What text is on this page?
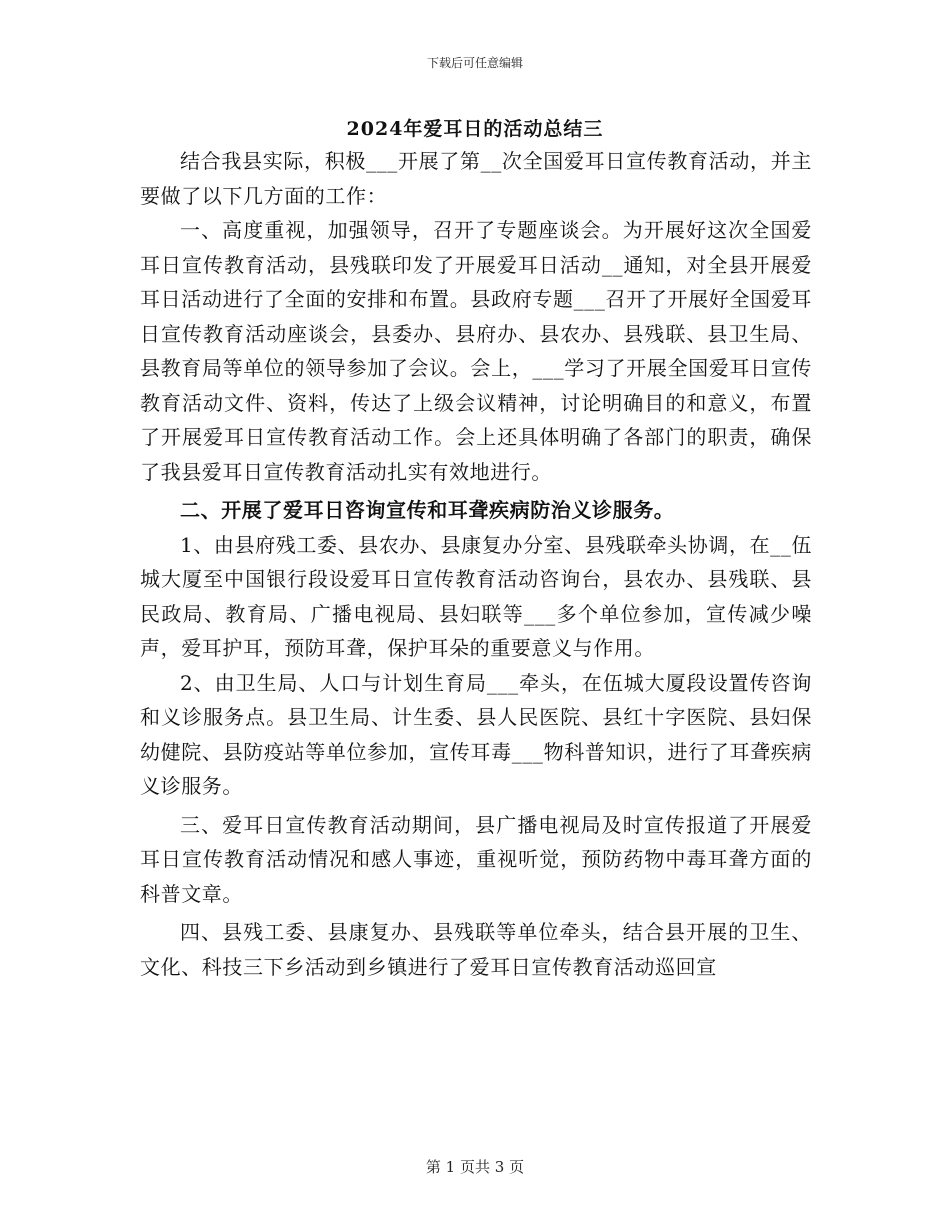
下载后可任意编辑
2024年爱耳日的活动总结三

结合我县实际，积极___开展了第__次全国爱耳日宣传教育活动，并主要做了以下几方面的工作：

一、高度重视，加强领导，召开了专题座谈会。为开展好这次全国爱耳日宣传教育活动，县残联印发了开展爱耳日活动__通知，对全县开展爱耳日活动进行了全面的安排和布置。县政府专题___召开了开展好全国爱耳日宣传教育活动座谈会，县委办、县府办、县农办、县残联、县卫生局、县教育局等单位的领导参加了会议。会上，___学习了开展全国爱耳日宣传教育活动文件、资料，传达了上级会议精神，讨论明确目的和意义，布置了开展爱耳日宣传教育活动工作。会上还具体明确了各部门的职责，确保了我县爱耳日宣传教育活动扎实有效地进行。

二、开展了爱耳日咨询宣传和耳聋疾病防治义诊服务。

1、由县府残工委、县农办、县康复办分室、县残联牵头协调，在__伍城大厦至中国银行段设爱耳日宣传教育活动咨询台，县农办、县残联、县民政局、教育局、广播电视局、县妇联等___多个单位参加，宣传减少噪声，爱耳护耳，预防耳聋，保护耳朵的重要意义与作用。

2、由卫生局、人口与计划生育局___牵头，在伍城大厦段设置传咨询和义诊服务点。县卫生局、计生委、县人民医院、县红十字医院、县妇保幼健院、县防疫站等单位参加，宣传耳毒___物科普知识，进行了耳聋疾病义诊服务。

三、爱耳日宣传教育活动期间，县广播电视局及时宣传报道了开展爱耳日宣传教育活动情况和感人事迹，重视听觉，预防药物中毒耳聋方面的科普文章。

四、县残工委、县康复办、县残联等单位牵头，结合县开展的卫生、文化、科技三下乡活动到乡镇进行了爱耳日宣传教育活动巡回宣

第 1 页共 3 页
